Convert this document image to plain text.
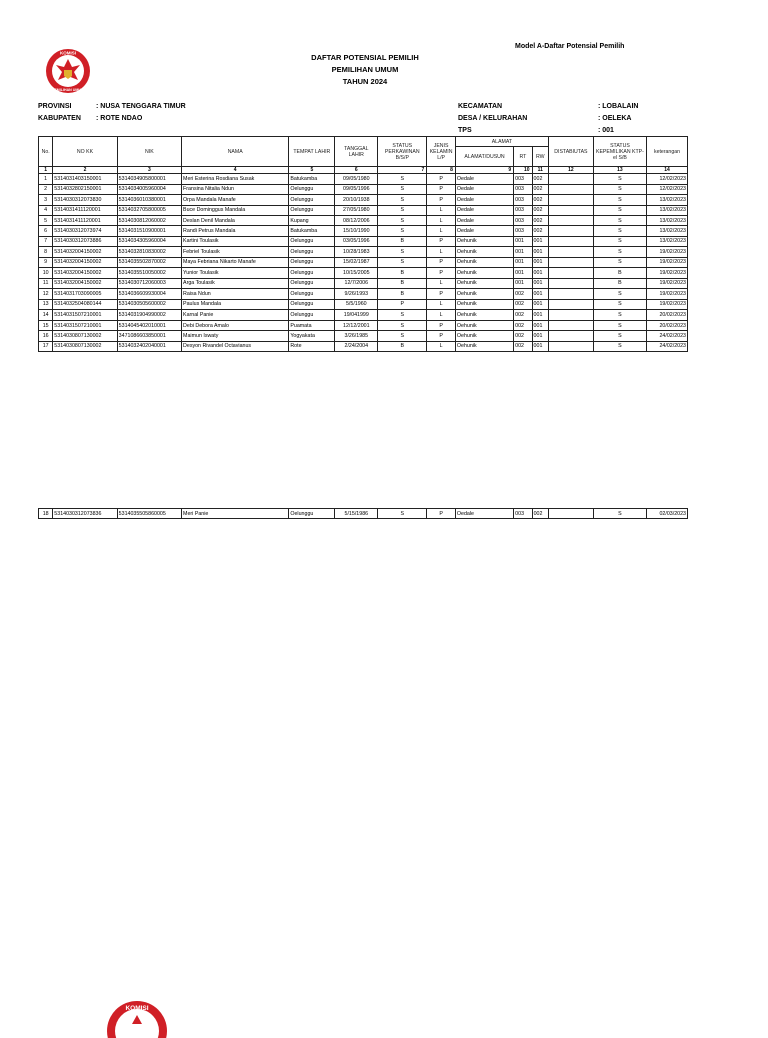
KOMISI
PEMILIHAN UMUM
Model A-Daftar Potensial Pemilih
DAFTAR POTENSIAL PEMILIH
PEMILIHAN UMUM
TAHUN 2024
PROVINSI	: NUSA TENGGARA TIMUR
KABUPATEN : ROTE NDAO
KECAMATAN	: LOBALAIN
DESA / KELURAHAN	: OELEKA
TPS	: 001
No.	NO KK	NIK	NAMA	TEMPAT LAHIR	TANGGAL LAHIR	STATUS PERKAWINAN B/S/P	JENIS KELAMIN L/P	ALAMAT			DISTABIUTAS	STATUS KEPEMILIKAN KTP-el S/B	keterangan
								ALAMAT/DUSUN	RT	RW			
1	2	3	4	5	6	7	8	9	10	11	12	13	14
1	5314031403150001	5314034905800001	Meri Esterina Rosdiana Susak	Batukamba	09/05/1980	S	P	Oedale	003	002		S	12/02/2023
2	5314032802150001	5314034005960004	Fransina Nitalia Ndun	Oelunggu	09/05/1996	S	P	Oedale	003	002		S	12/02/2023
3	5314030312073830	5314036010380001	Orpa Mandala Manafe	Oelunggu	20/10/1938	S	P	Oedale	003	002		S	13/02/2023
4	5314031411120001	5314032705800005	Buce Dominggus Mandala	Oelunggu	27/05/1980	S	L	Oedale	003	002		S	13/02/2023
5	5314031411120001	5314030812060002	Deslan Denil Mandala	Kupang	08/12/2006	S	L	Oedale	003	002		S	13/02/2023
6	5314030312073974	5314031510900001	Randi Petrus Mandala	Batukamba	15/10/1990	S	L	Oedale	003	002		S	13/02/2023
7	5314030312073886	5314034305960004	Kartini Toulasik	Oelunggu	03/05/1996	B	P	Oehunik	001	001		S	13/02/2023
8	5314032004150002	5314032810830002	Febriel Toulasik	Oelunggu	10/28/1983	S	L	Oehunik	001	001		S	19/02/2023
9	5314032004150002	5314035502870002	Maya Febriana Nikarto Manafe	Oelunggu	15/02/1987	S	P	Oehunik	001	001		S	19/02/2023
10	5314032004150002	5314035510050002	Yunior Toulasik	Oelunggu	10/15/2005	B	P	Oehunik	001	001		B	19/02/2023
11	5314032004150002	5314030712060003	Arga Toulasik	Oelunggu	12/7/2006	B	L	Oehunik	001	001		B	19/02/2023
12	5314031703090005	5314036609930004	Raisa Ndun	Oelunggu	9/26/1993	B	P	Oehunik	002	001		S	19/02/2023
13	5314032504080144	5314030505600002	Paulus Mandala	Oelunggu	5/5/1960	P	L	Oehunik	002	001		S	19/02/2023
14	5314031507210001	5314031904990002	Karnal Panie	Oelunggu	19/041999	S	L	Oehunik	002	001		S	20/02/2023
15	5314031507210001	5314045402010001	Debi Debora Amalo	Puamata	12/12/2001	S	P	Oehunik	002	001		S	20/02/2023
16	5314030807130002	3471086603850001	Maimun Iswaty	Yogyakata	3/26/1985	S	P	Oehunik	002	001		S	24/02/2023
17	5314030807130002	5314032402040001	Desyon Rivandel Octavianus	Rote	2/24/2004	B	L	Oehunik	002	001		S	24/02/2023
18	5314030312073836	5314035505860005	Meri Panie	Oelunggu	5/15/1986	S	P	Oedale	003	002		S	02/03/2023
KOMISI
